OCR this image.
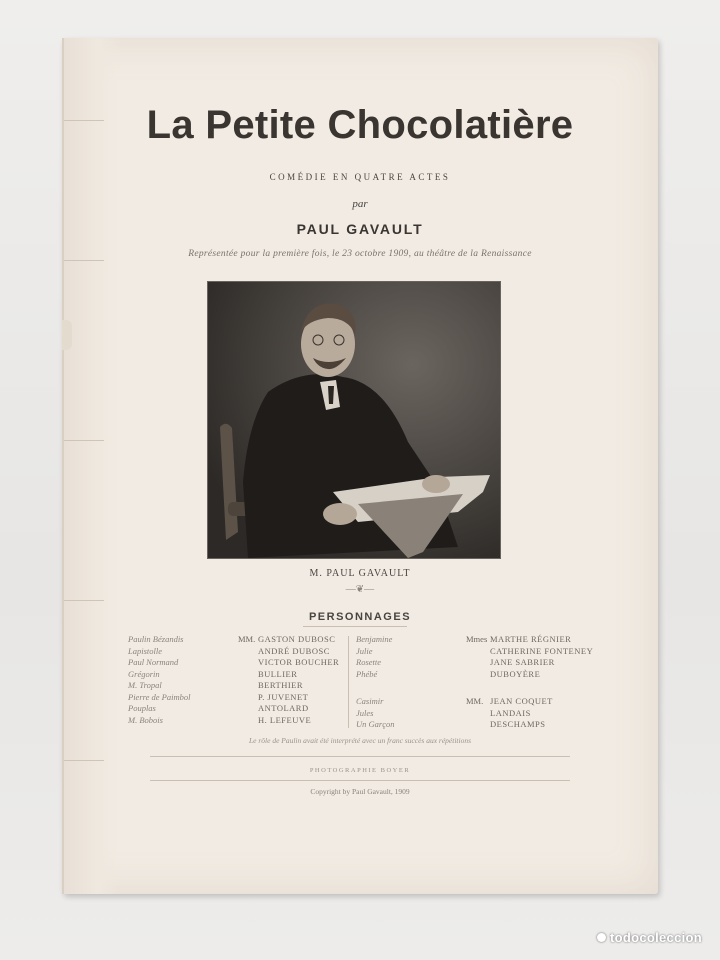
La Petite Chocolatière
COMÉDIE EN QUATRE ACTES
par
PAUL GAVAULT
Représentée pour la première fois, le 23 octobre 1909, au théâtre de la Renaissance
M. PAUL GAVAULT
—❦—
PERSONNAGES
Paulin Bézandis
Lapistolle
Paul Normand
Grégorin
M. Tropal
Pierre de Paimbol
Pouplas
M. Bobois
MM. GASTON DUBOSC
ANDRÉ DUBOSC
VICTOR BOUCHER
BULLIER
BERTHIER
P. JUVENET
ANTOLARD
H. LEFEUVE
Benjamine
Julie
Rosette
Phébé
Mmes MARTHE RÉGNIER
CATHERINE FONTENEY
JANE SABRIER
DUBOYÈRE
Casimir
Jules
Un Garçon
MM. JEAN COQUET
LANDAIS
DESCHAMPS
Le rôle de Paulin avait été interprété avec un franc succès aux répétitions
PHOTOGRAPHIE BOYER
Copyright by Paul Gavault, 1909
todocoleccion
